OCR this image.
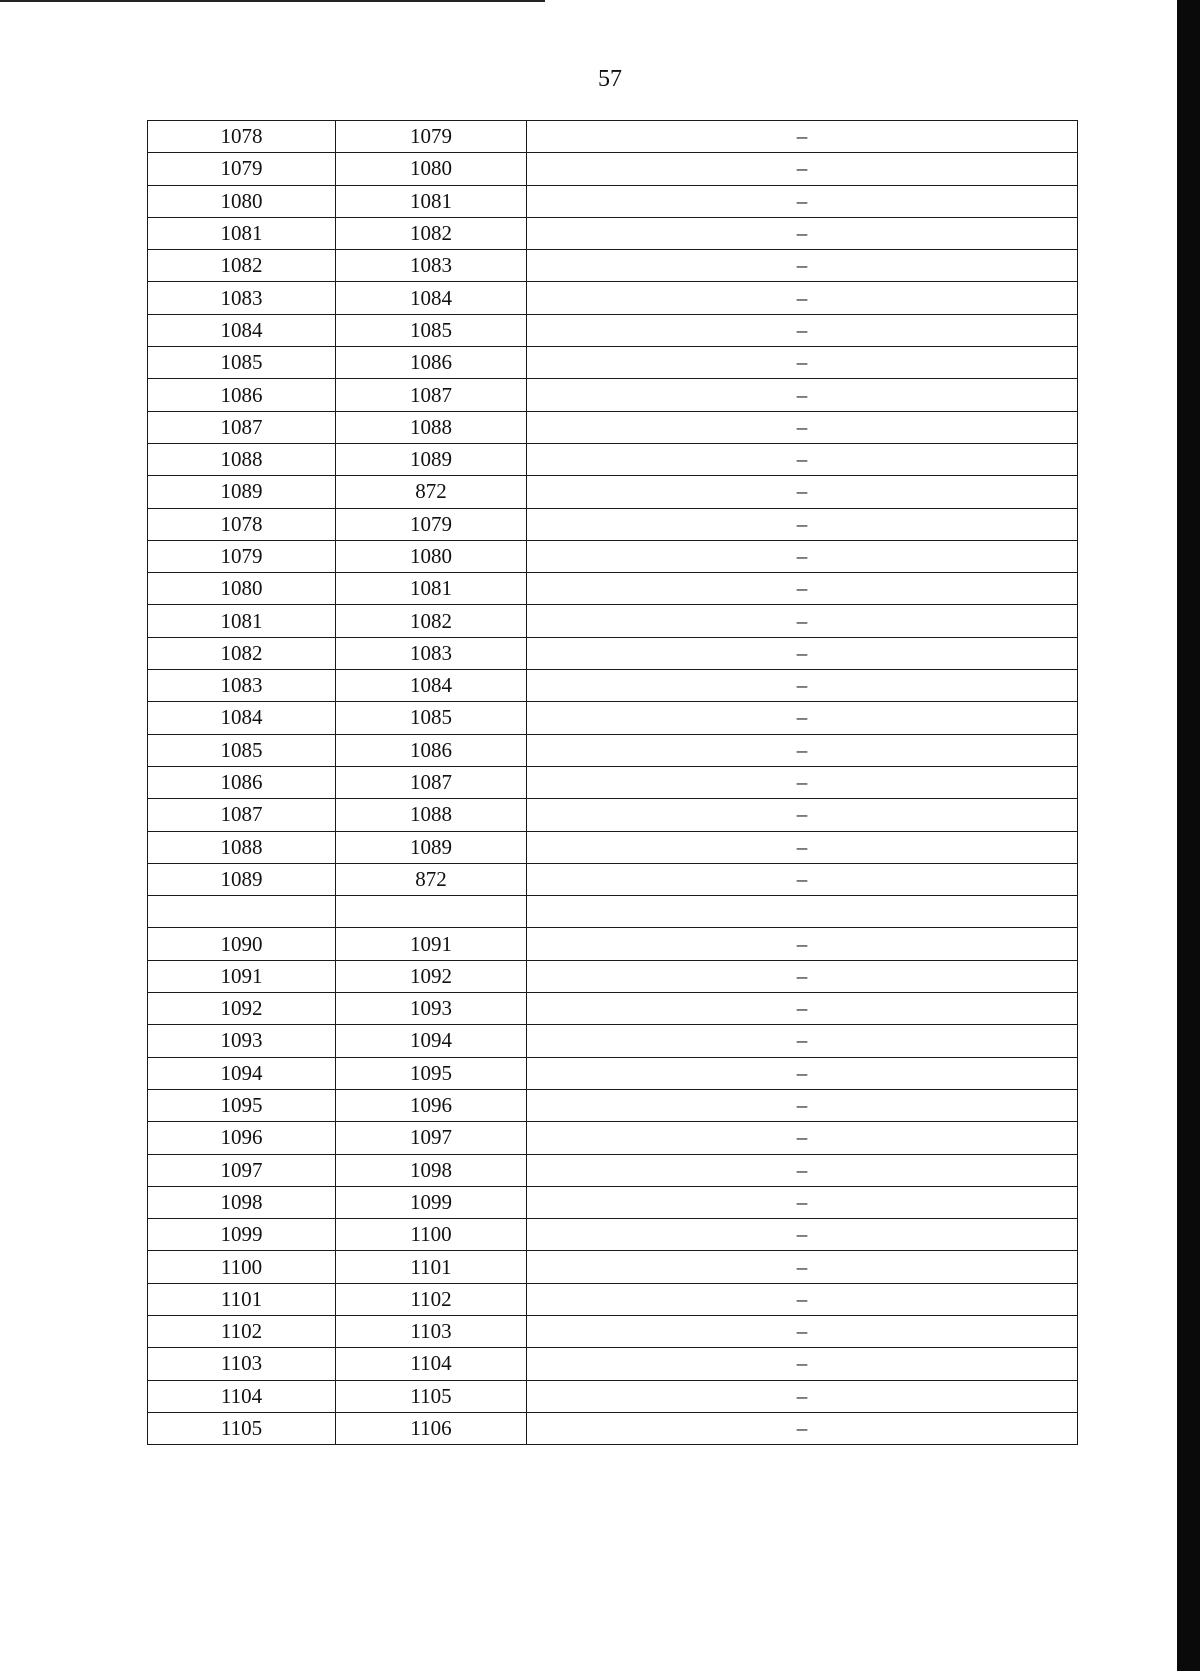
57
1078	1079	–
1079	1080	–
1080	1081	–
1081	1082	–
1082	1083	–
1083	1084	–
1084	1085	–
1085	1086	–
1086	1087	–
1087	1088	–
1088	1089	–
1089	872	–
1078	1079	–
1079	1080	–
1080	1081	–
1081	1082	–
1082	1083	–
1083	1084	–
1084	1085	–
1085	1086	–
1086	1087	–
1087	1088	–
1088	1089	–
1089	872	–

1090	1091	–
1091	1092	–
1092	1093	–
1093	1094	–
1094	1095	–
1095	1096	–
1096	1097	–
1097	1098	–
1098	1099	–
1099	1100	–
1100	1101	–
1101	1102	–
1102	1103	–
1103	1104	–
1104	1105	–
1105	1106	–
